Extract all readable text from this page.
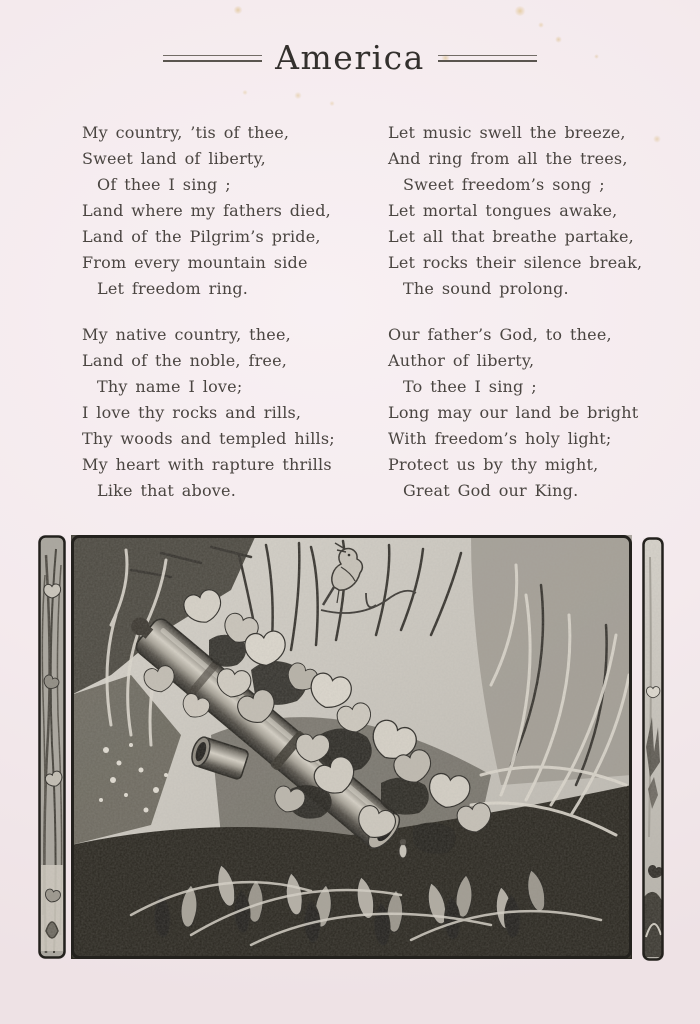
America

My country, ’tis of thee,
Sweet land of liberty,
Of thee I sing ;
Land where my fathers died,
Land of the Pilgrim’s pride,
From every mountain side
Let freedom ring.

My native country, thee,
Land of the noble, free,
Thy name I love;
I love thy rocks and rills,
Thy woods and templed hills;
My heart with rapture thrills
Like that above.

Let music swell the breeze,
And ring from all the trees,
Sweet freedom’s song ;
Let mortal tongues awake,
Let all that breathe partake,
Let rocks their silence break,
The sound prolong.

Our father’s God, to thee,
Author of liberty,
To thee I sing ;
Long may our land be bright
With freedom’s holy light;
Protect us by thy might,
Great God our King.
